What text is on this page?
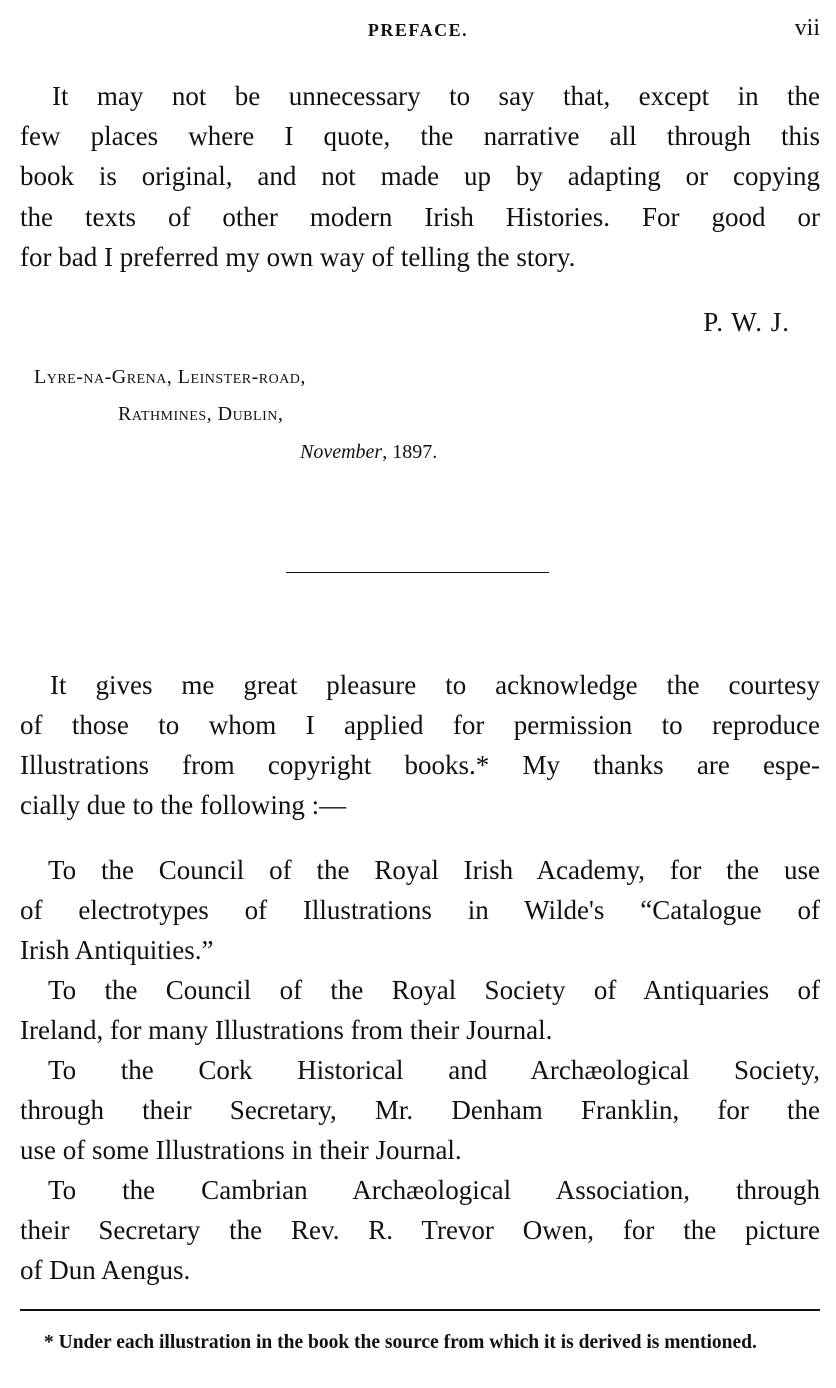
PREFACE.	vii
It may not be unnecessary to say that, except in the
few places where I quote, the narrative all through this
book is original, and not made up by adapting or copying
the texts of other modern Irish Histories. For good or
for bad I preferred my own way of telling the story.
P. W. J.
Lyre-na-Grena, Leinster-road,
Rathmines, Dublin,
November, 1897.
It gives me great pleasure to acknowledge the courtesy
of those to whom I applied for permission to reproduce
Illustrations from copyright books.* My thanks are espe-
cially due to the following :—
To the Council of the Royal Irish Academy, for the use
of electrotypes of Illustrations in Wilde's “Catalogue of
Irish Antiquities.”
To the Council of the Royal Society of Antiquaries of
Ireland, for many Illustrations from their Journal.
To the Cork Historical and Archæological Society,
through their Secretary, Mr. Denham Franklin, for the
use of some Illustrations in their Journal.
To the Cambrian Archæological Association, through
their Secretary the Rev. R. Trevor Owen, for the picture
of Dun Aengus.

* Under each illustration in the book the source from which it is derived is mentioned.
